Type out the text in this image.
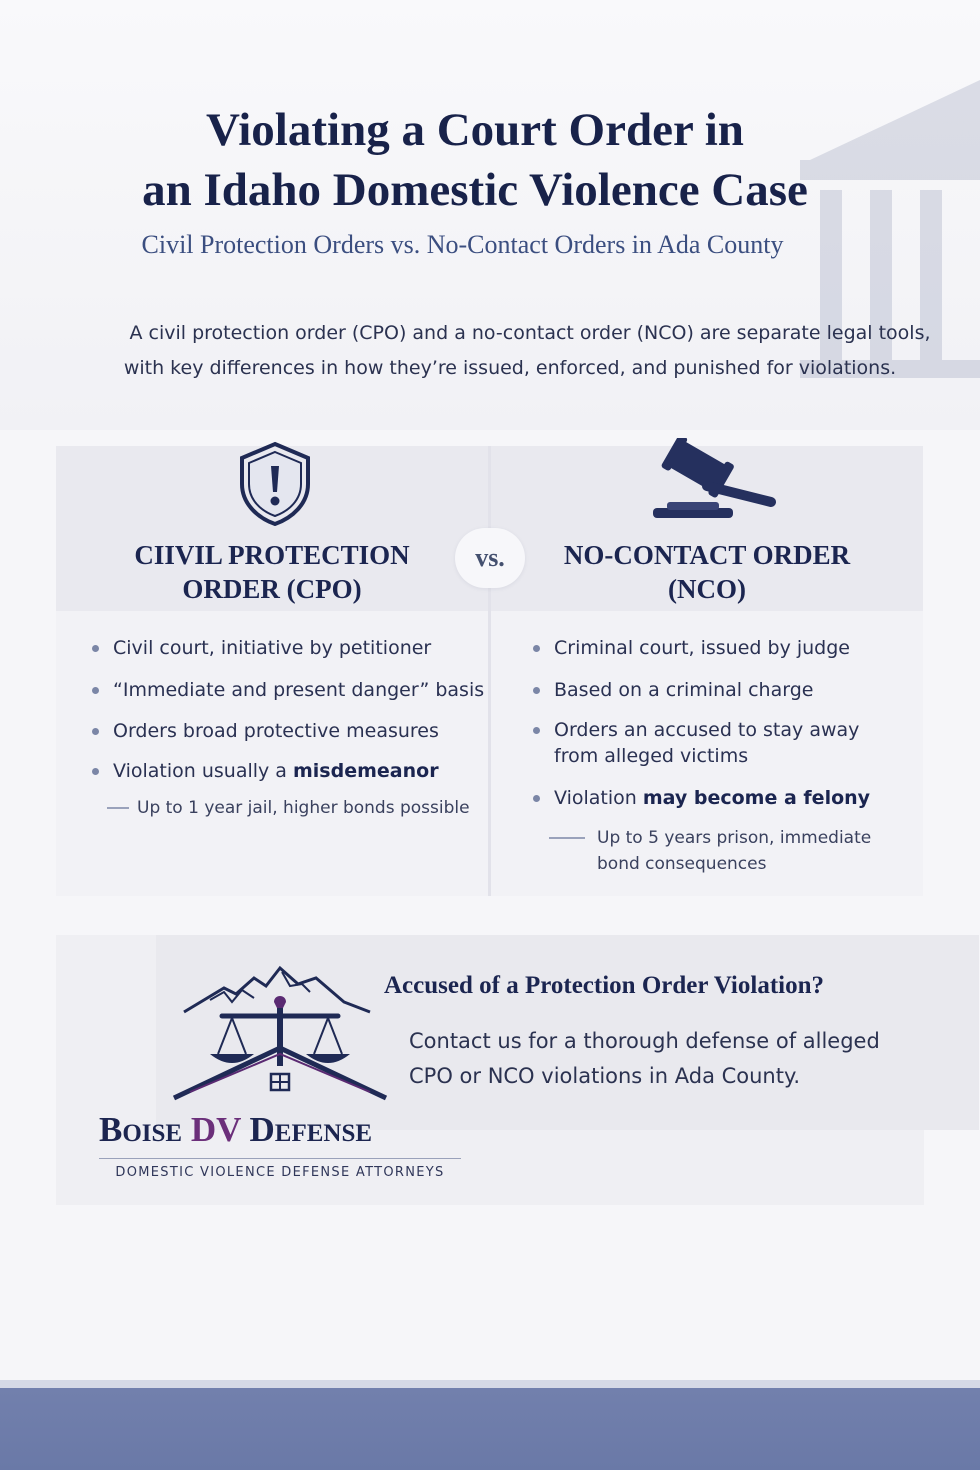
Violating a Court Order in
an Idaho Domestic Violence Case
Civil Protection Orders vs. No-Contact Orders in Ada County

A civil protection order (CPO) and a no-contact order (NCO) are separate legal tools,
with key differences in how they’re issued, enforced, and punished for violations.

CIIVIL PROTECTION
ORDER (CPO)
Civil court, initiative by petitioner
“Immediate and present danger” basis
Orders broad protective measures
Violation usually a misdemeanor
Up to 1 year jail, higher bonds possible
NO-CONTACT ORDER
(NCO)
Criminal court, issued by judge
Based on a criminal charge
Orders an accused to stay away
from alleged victims
Violation may become a felony
Up to 5 years prison, immediate
bond consequences
vs.
Boise DV Defense
DOMESTIC VIOLENCE DEFENSE ATTORNEYS
Accused of a Protection Order Violation?

Contact us for a thorough defense of alleged
CPO or NCO violations in Ada County.
